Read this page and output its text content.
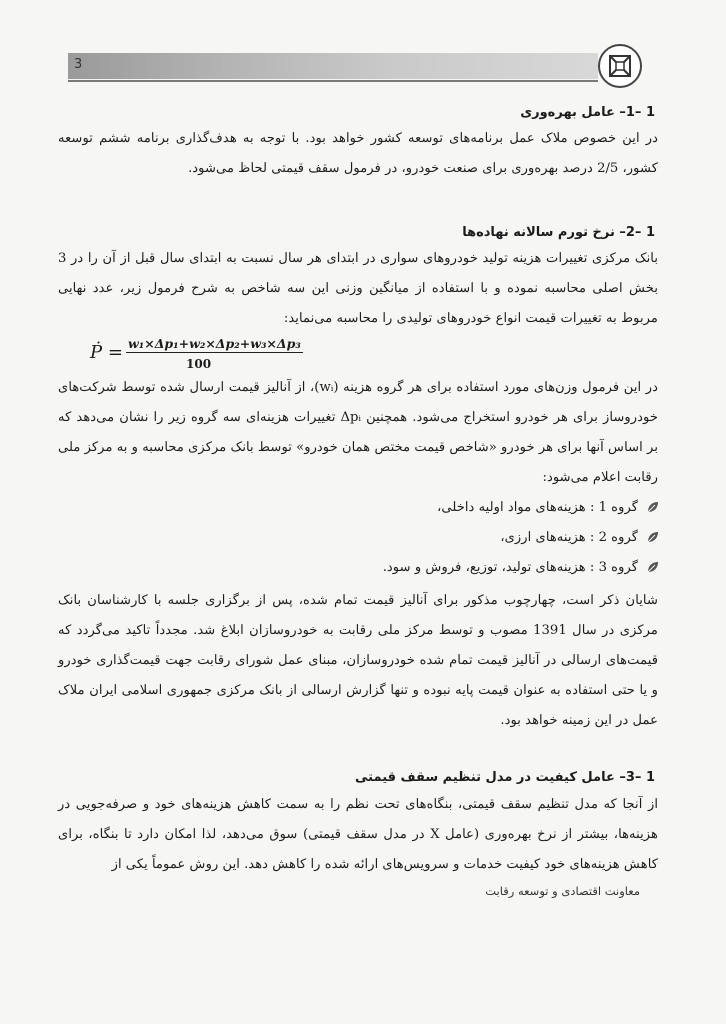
3
1 –1– عامل بهره‌وری

در این خصوص ملاک عمل برنامه‌های توسعه کشور خواهد بود. با توجه به هدف‌گذاری برنامه ششم توسعه کشور، 2/5 درصد بهره‌وری برای صنعت خودرو، در فرمول سقف قیمتی لحاظ می‌شود.

1 –2– نرخ تورم سالانه نهاده‌ها

بانک مرکزی تغییرات هزینه تولید خودروهای سواری در ابتدای هر سال نسبت به ابتدای سال قبل از آن را در 3 بخش اصلی محاسبه نموده و با استفاده از میانگین وزنی این سه شاخص به شرح فرمول زیر، عدد نهایی مربوط به تغییرات قیمت انواع خودروهای تولیدی را محاسبه می‌نماید:

Ṗ = w₁×Δp₁+w₂×Δp₂+w₃×Δp₃
100

در این فرمول وزن‌های مورد استفاده برای هر گروه هزینه (wᵢ)، از آنالیز قیمت ارسال شده توسط شرکت‌های خودروساز برای هر خودرو استخراج می‌شود. همچنین Δpᵢ تغییرات هزینه‌ای سه گروه زیر را نشان می‌دهد که بر اساس آنها برای هر خودرو «شاخص قیمت مختص همان خودرو» توسط بانک مرکزی محاسبه و به مرکز ملی رقابت اعلام می‌شود:

گروه 1 : هزینه‌های مواد اولیه داخلی،
گروه 2 : هزینه‌های ارزی،
گروه 3 : هزینه‌های تولید، توزیع، فروش و سود.

شایان ذکر است، چهارچوب مذکور برای آنالیز قیمت تمام شده، پس از برگزاری جلسه با کارشناسان بانک مرکزی در سال 1391 مصوب و توسط مرکز ملی رقابت به خودروسازان ابلاغ شد. مجدداً تاکید می‌گردد که قیمت‌های ارسالی در آنالیز قیمت تمام شده خودروسازان، مبنای عمل شورای رقابت جهت قیمت‌گذاری خودرو و یا حتی استفاده به عنوان قیمت پایه نبوده و تنها گزارش ارسالی از بانک مرکزی جمهوری اسلامی ایران ملاک عمل در این زمینه خواهد بود.

1 –3– عامل کیفیت در مدل تنظیم سقف قیمتی

از آنجا که مدل تنظیم سقف قیمتی، بنگاه‌های تحت نظم را به سمت کاهش هزینه‌های خود و صرفه‌جویی در هزینه‌ها، بیشتر از نرخ بهره‌وری (عامل X در مدل سقف قیمتی) سوق می‌دهد، لذا امکان دارد تا بنگاه، برای کاهش هزینه‌های خود کیفیت خدمات و سرویس‌های ارائه شده را کاهش دهد. این روش عموماً یکی از

معاونت اقتصادی و توسعه رقابت
